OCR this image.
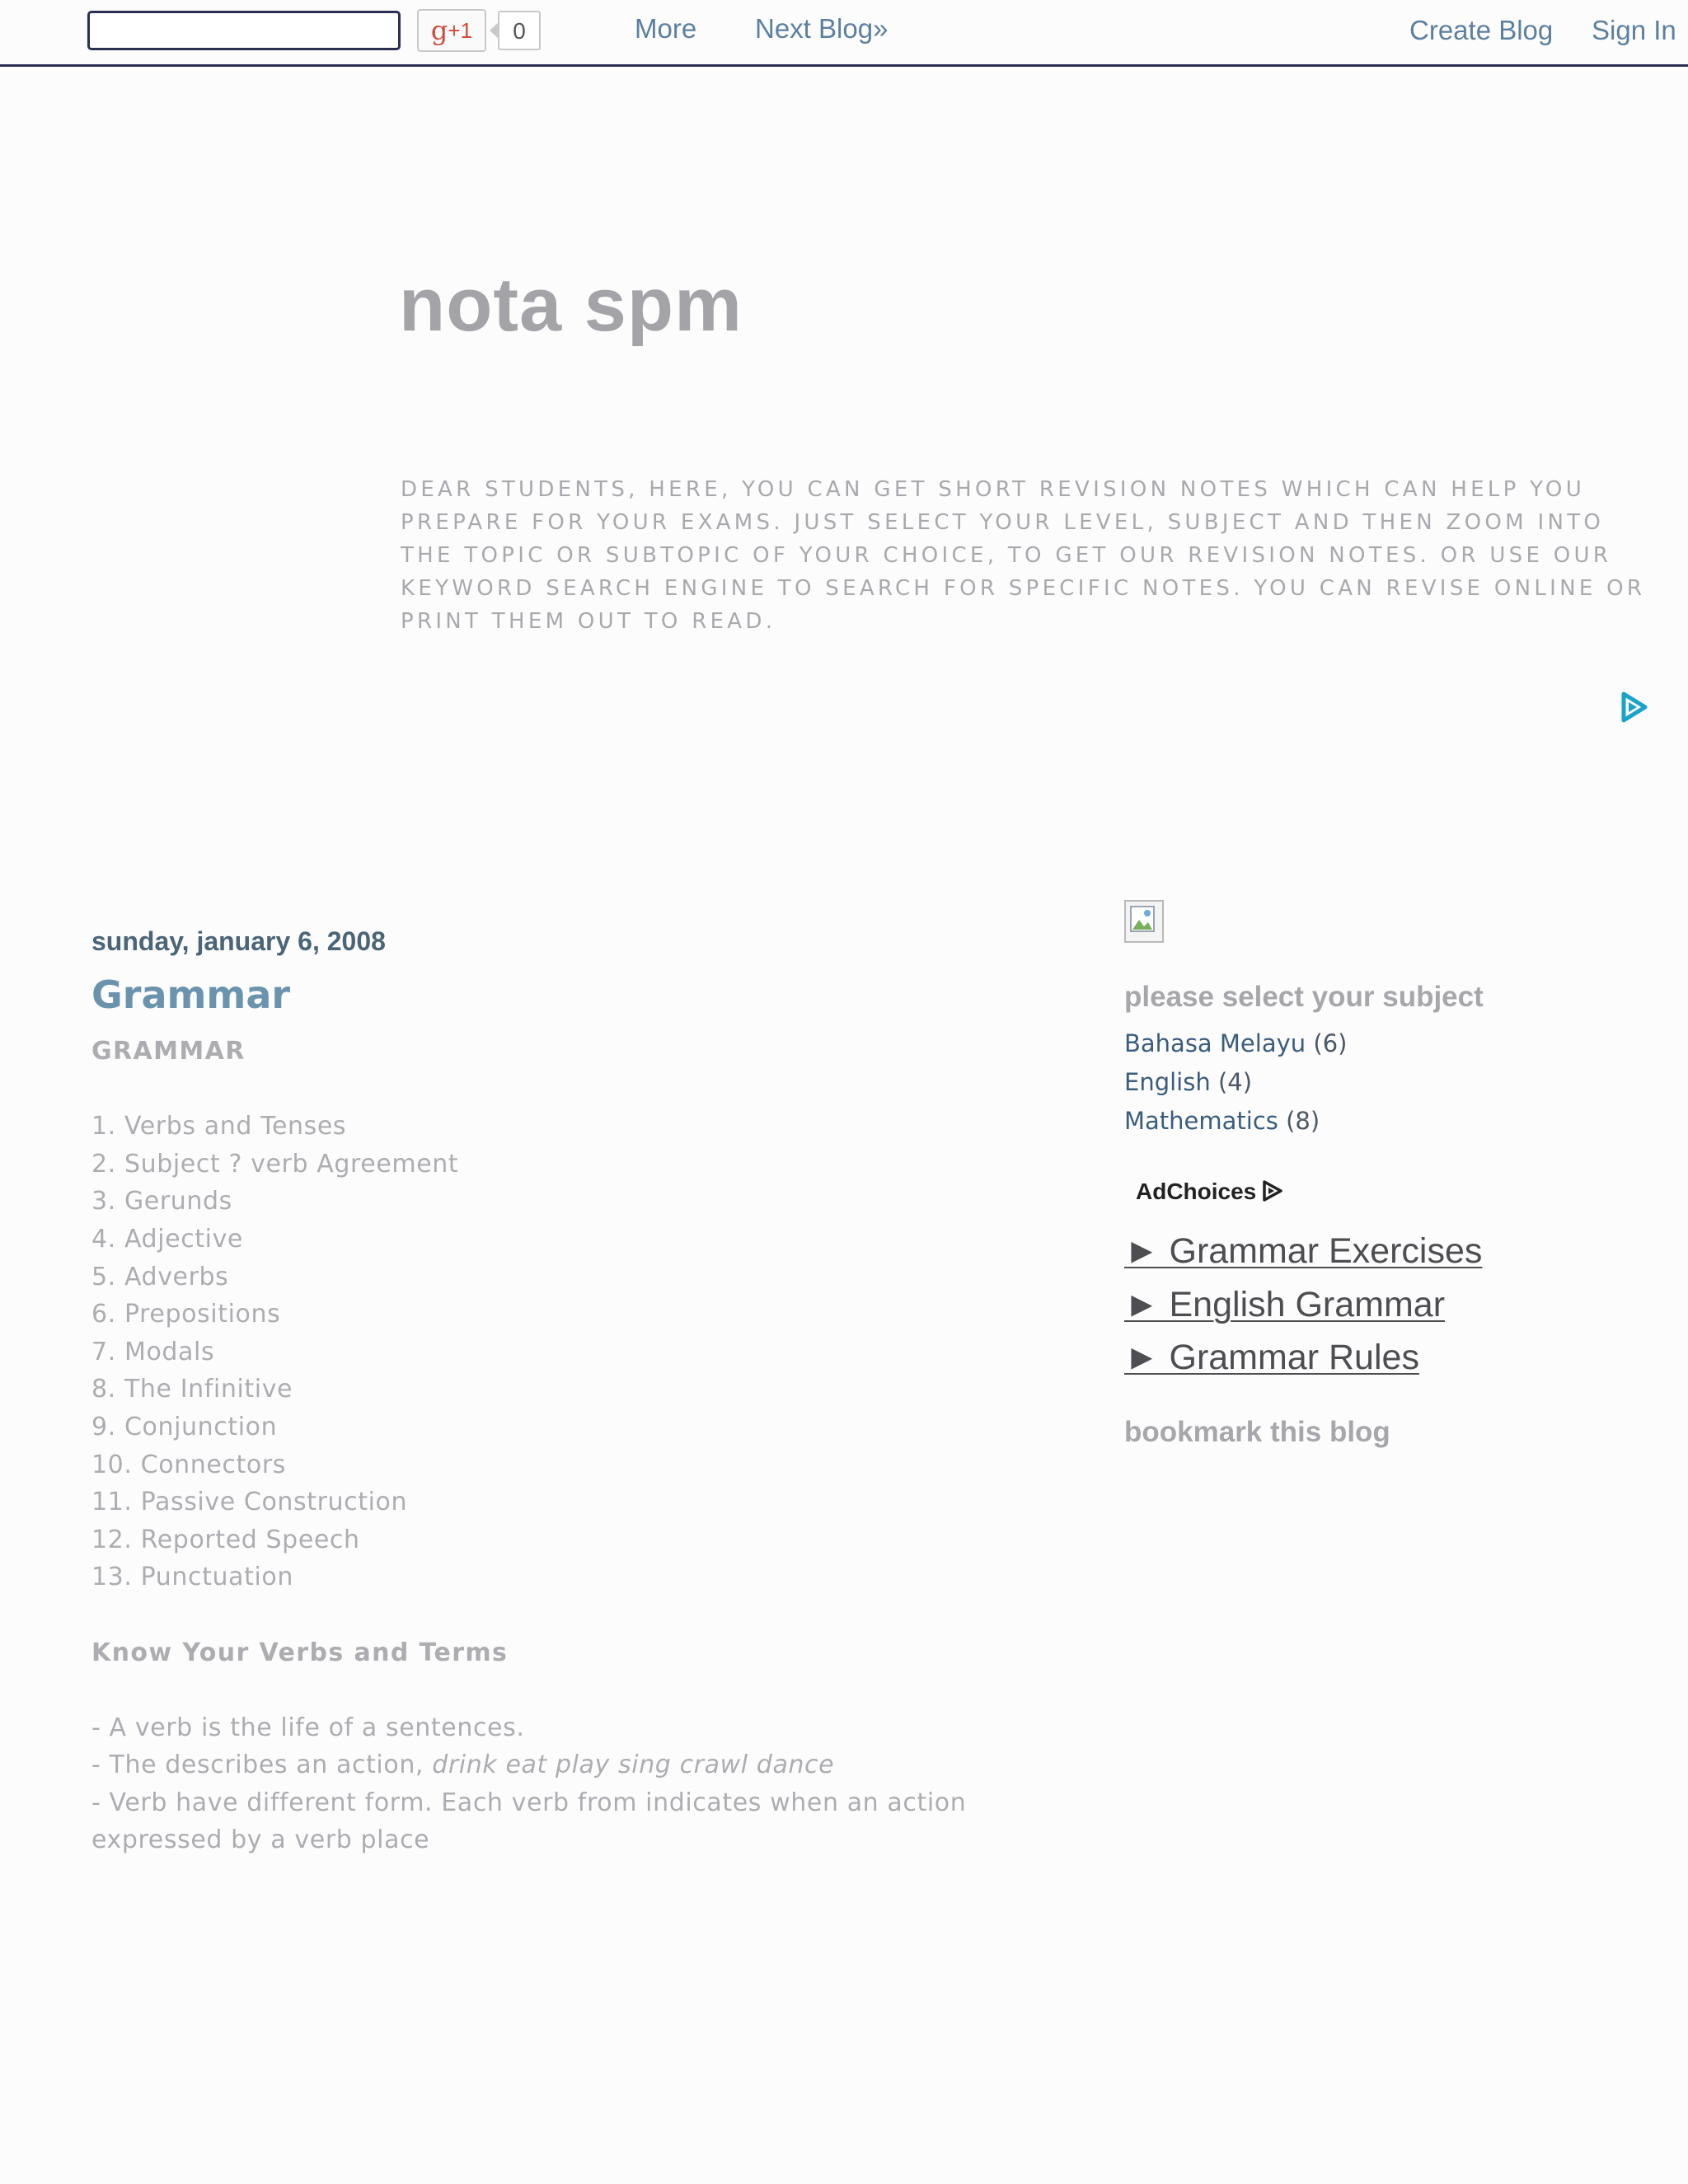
$g^{+1}$	0	More Next Blog»	Create Blog Sign In
nota spm

DEAR STUDENTS, HERE, YOU CAN GET SHORT REVISION NOTES WHICH CAN HELP YOU PREPARE FOR YOUR EXAMS. JUST SELECT YOUR LEVEL, SUBJECT AND THEN ZOOM INTO THE TOPIC OR SUBTOPIC OF YOUR CHOICE, TO GET OUR REVISION NOTES. OR USE OUR KEYWORD SEARCH ENGINE TO SEARCH FOR SPECIFIC NOTES. YOU CAN REVISE ONLINE OR PRINT THEM OUT TO READ.

sunday, january 6, 2008
Grammar
GRAMMAR
1. Verbs and Tenses
2. Subject ? verb Agreement
3. Gerunds
4. Adjective
5. Adverbs
6. Prepositions
7. Modals
8. The Infinitive
9. Conjunction
10. Connectors
11. Passive Construction
12. Reported Speech
13. Punctuation
Know Your Verbs and Terms
- A verb is the life of a sentences.
- The describes an action, drink eat play sing crawl dance
- Verb have different form. Each verb from indicates when an action expressed by a verb place
please select your subject
Bahasa Melayu (6)
English (4)
Mathematics (8)
AdChoices
► Grammar Exercises
► English Grammar
► Grammar Rules
bookmark this blog
